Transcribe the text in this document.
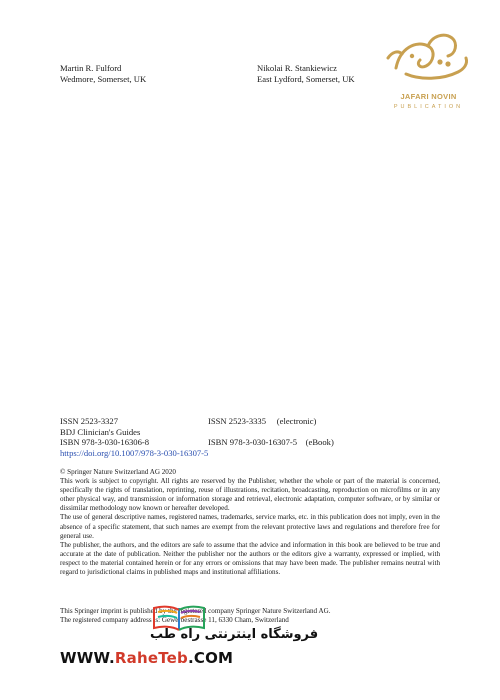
Martin R. Fulford
Wedmore, Somerset, UK
Nikolai R. Stankiewicz
East Lydford, Somerset, UK
JAFARI NOVIN
PUBLICATION
ISSN 2523-3327	ISSN 2523-3335 (electronic)
BDJ Clinician's Guides
ISBN 978-3-030-16306-8	ISBN 978-3-030-16307-5 (eBook)
https://doi.org/10.1007/978-3-030-16307-5

© Springer Nature Switzerland AG 2020

This work is subject to copyright. All rights are reserved by the Publisher, whether the whole or part of the material is concerned, specifically the rights of translation, reprinting, reuse of illustrations, recitation, broadcasting, reproduction on microfilms or in any other physical way, and transmission or information storage and retrieval, electronic adaptation, computer software, or by similar or dissimilar methodology now known or hereafter developed.

The use of general descriptive names, registered names, trademarks, service marks, etc. in this publication does not imply, even in the absence of a specific statement, that such names are exempt from the relevant protective laws and regulations and therefore free for general use.

The publisher, the authors, and the editors are safe to assume that the advice and information in this book are believed to be true and accurate at the date of publication. Neither the publisher nor the authors or the editors give a warranty, expressed or implied, with respect to the material contained herein or for any errors or omissions that may have been made. The publisher remains neutral with regard to jurisdictional claims in published maps and institutional affiliations.

This Springer imprint is published by the registered company Springer Nature Switzerland AG.

The registered company address is: Gewerbestrasse 11, 6330 Cham, Switzerland

فروشگاه اینترنتی راه طب
WWW.RaheTeb.COM
